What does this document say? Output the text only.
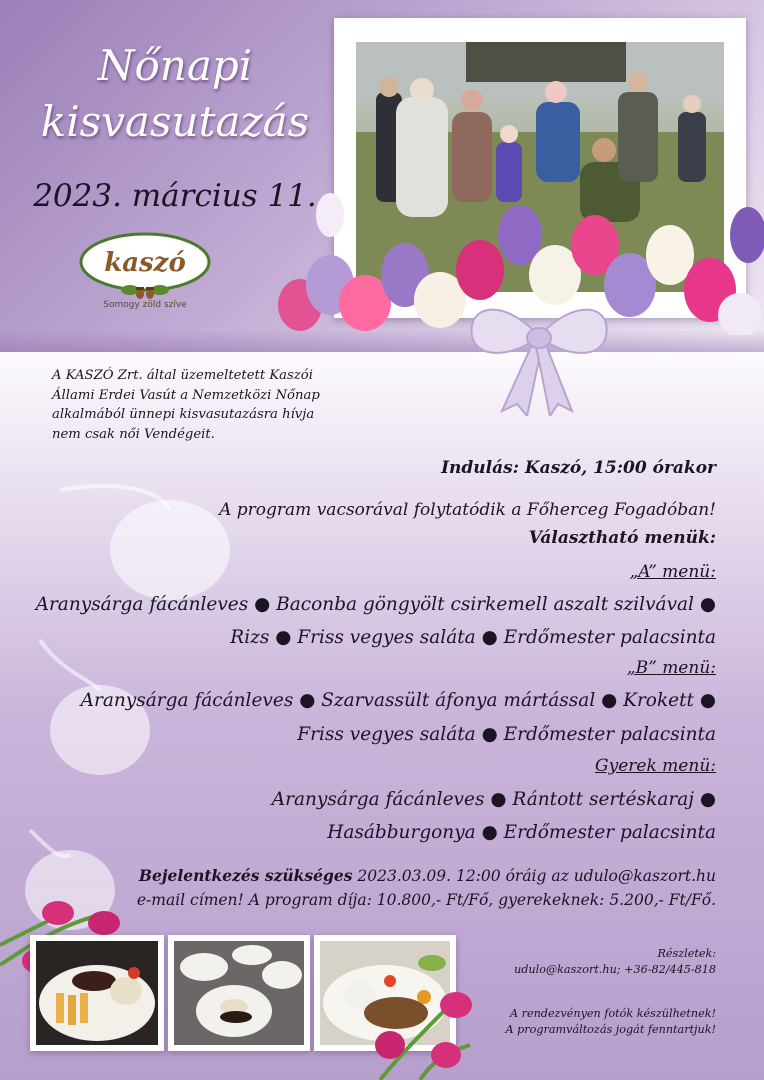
Nőnapi
kisvasutazás
2023. március 11.
kaszó
Somogy zöld szíve
A KASZÓ Zrt. által üzemeltetett Kaszói
Állami Erdei Vasút a Nemzetközi Nőnap
alkalmából ünnepi kisvasutazásra hívja
nem csak női Vendégeit.
Indulás: Kaszó, 15:00 órakor
A program vacsorával folytatódik a Főherceg Fogadóban!
Választható menük:
„A” menü:
Aranysárga fácánleves ● Baconba göngyölt csirkemell aszalt szilvával ●
Rizs ● Friss vegyes saláta ● Erdőmester palacsinta
„B” menü:
Aranysárga fácánleves ● Szarvassült áfonya mártással ● Krokett ●
Friss vegyes saláta ● Erdőmester palacsinta
Gyerek menü:
Aranysárga fácánleves ● Rántott sertéskaraj ●
Hasábburgonya ● Erdőmester palacsinta
Bejelentkezés szükséges 2023.03.09. 12:00 óráig az udulo@kaszort.hu
e-mail címen! A program díja: 10.800,- Ft/Fő, gyerekeknek: 5.200,- Ft/Fő.
Részletek:
udulo@kaszort.hu; +36-82/445-818
A rendezvényen fotók készülhetnek!
A programváltozás jogát fenntartjuk!
